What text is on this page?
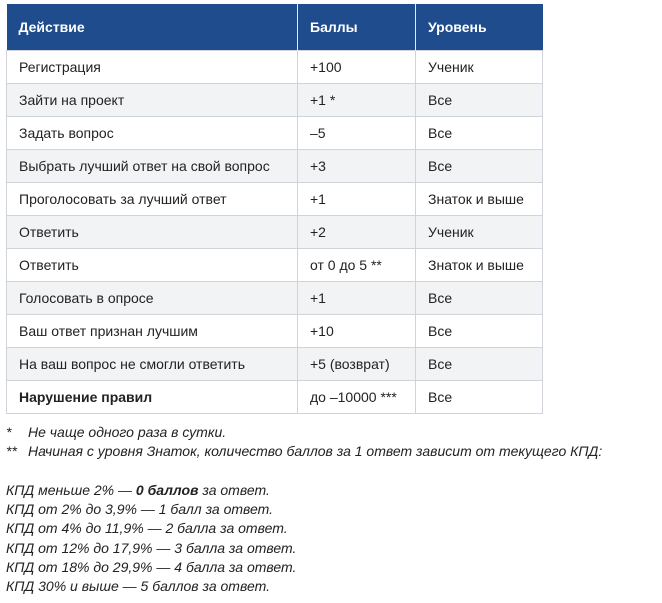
Действие	Баллы	Уровень
Регистрация	+100	Ученик
Зайти на проект	+1 *	Все
Задать вопрос	–5	Все
Выбрать лучший ответ на свой вопрос	+3	Все
Проголосовать за лучший ответ	+1	Знаток и выше
Ответить	+2	Ученик
Ответить	от 0 до 5 **	Знаток и выше
Голосовать в опросе	+1	Все
Ваш ответ признан лучшим	+10	Все
На ваш вопрос не смогли ответить	+5 (возврат)	Все
Нарушение правил	до –10000 ***	Все
* Не чаще одного раза в сутки.
** Начиная с уровня Знаток, количество баллов за 1 ответ зависит от текущего КПД:
КПД меньше 2% — 0 баллов за ответ.
КПД от 2% до 3,9% — 1 балл за ответ.
КПД от 4% до 11,9% — 2 балла за ответ.
КПД от 12% до 17,9% — 3 балла за ответ.
КПД от 18% до 29,9% — 4 балла за ответ.
КПД 30% и выше — 5 баллов за ответ.
